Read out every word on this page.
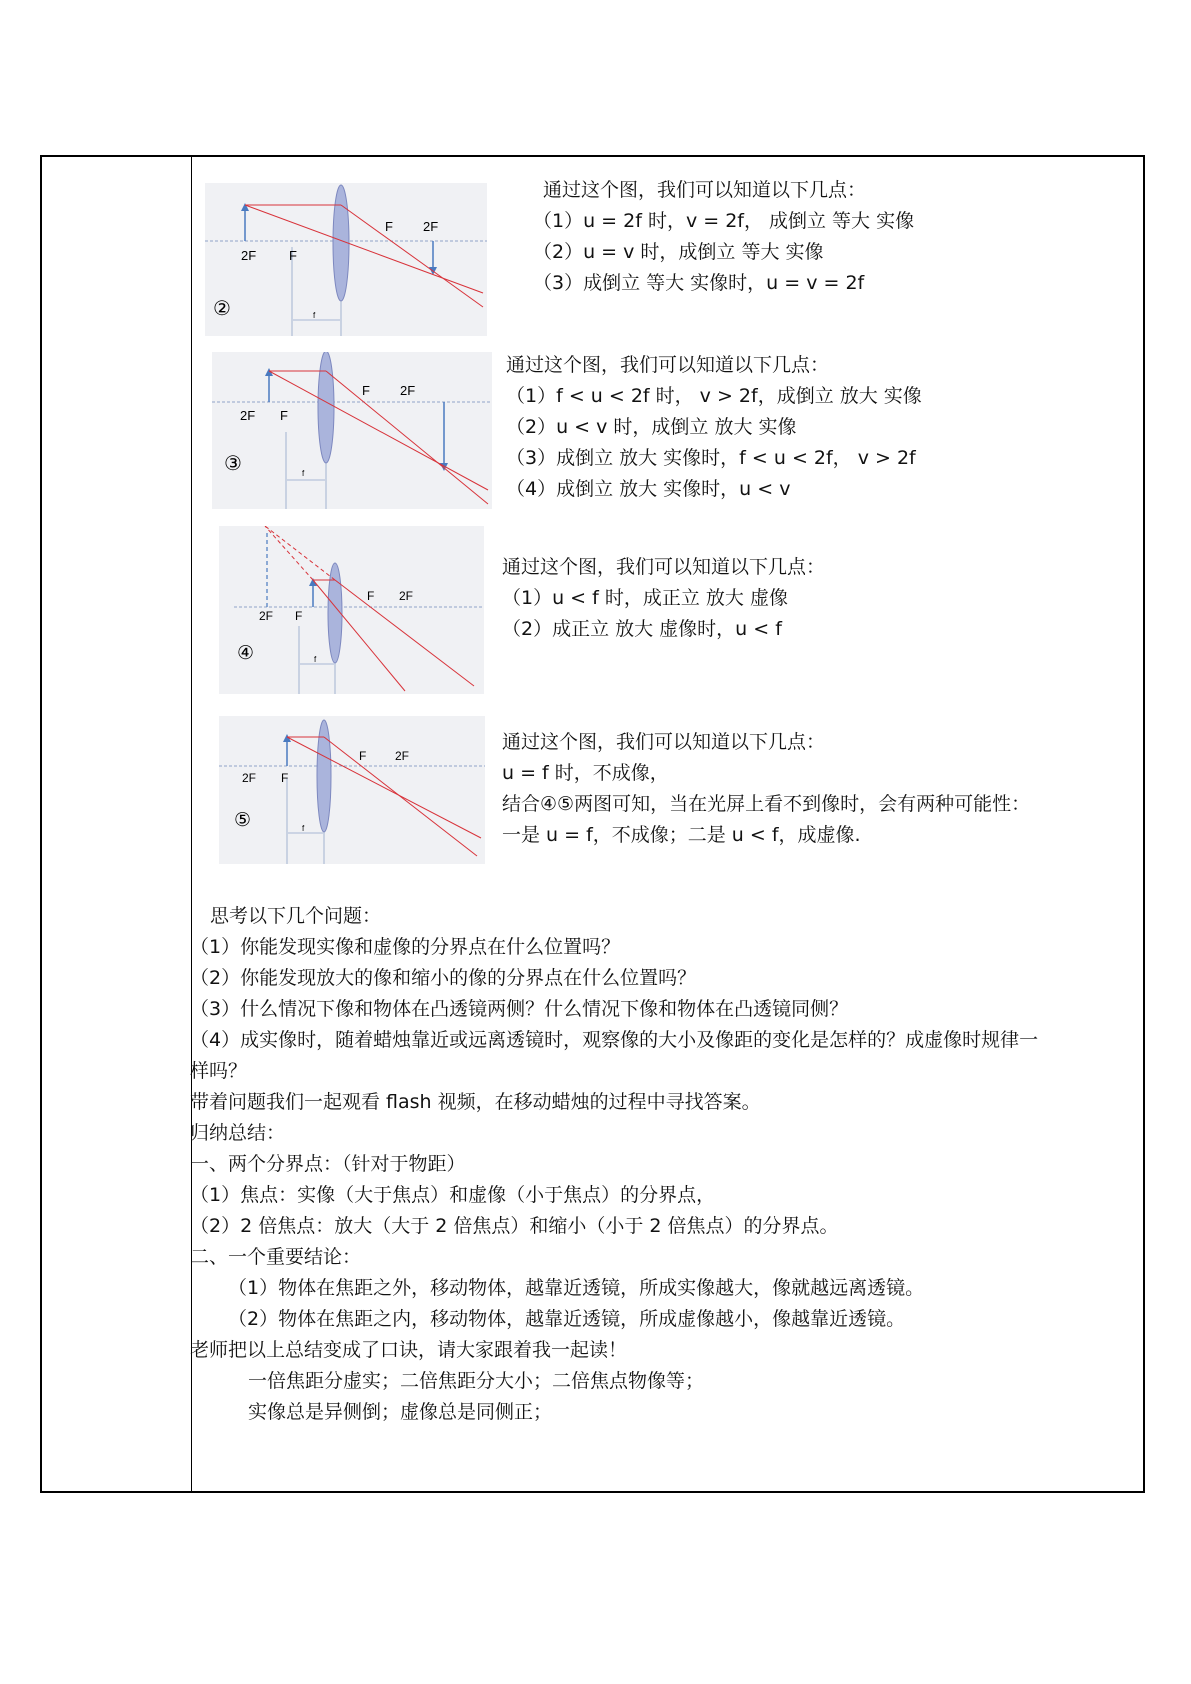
2F	F
F 2F
f
②
通过这个图，我们可以知道以下几点：
（1）u = 2f 时，v = 2f， 成倒立 等大 实像
（2）u = v 时，成倒立 等大 实像
（3）成倒立 等大 实像时，u = v = 2f
2F F
F 2F
f
③
通过这个图，我们可以知道以下几点：
（1）f < u < 2f 时， v > 2f，成倒立 放大 实像
（2）u < v 时，成倒立 放大 实像
（3）成倒立 放大 实像时，f < u < 2f， v > 2f
（4）成倒立 放大 实像时，u < v
2F F
F 2F
f
④
通过这个图，我们可以知道以下几点：
（1）u < f 时，成正立 放大 虚像
（2）成正立 放大 虚像时，u < f
2F F
F 2F
f
⑤
通过这个图，我们可以知道以下几点：
u = f 时，不成像，
结合④⑤两图可知，当在光屏上看不到像时，会有两种可能性：
一是 u = f，不成像；二是 u < f，成虚像.
思考以下几个问题：
（1）你能发现实像和虚像的分界点在什么位置吗？
（2）你能发现放大的像和缩小的像的分界点在什么位置吗？
（3）什么情况下像和物体在凸透镜两侧？什么情况下像和物体在凸透镜同侧？
（4）成实像时，随着蜡烛靠近或远离透镜时，观察像的大小及像距的变化是怎样的？成虚像时规律一
样吗？
带着问题我们一起观看 flash 视频，在移动蜡烛的过程中寻找答案。
归纳总结：
一、两个分界点：（针对于物距）
（1）焦点：实像（大于焦点）和虚像（小于焦点）的分界点，
（2）2 倍焦点：放大（大于 2 倍焦点）和缩小（小于 2 倍焦点）的分界点。
二、一个重要结论：
（1）物体在焦距之外，移动物体，越靠近透镜，所成实像越大，像就越远离透镜。
（2）物体在焦距之内，移动物体，越靠近透镜，所成虚像越小，像越靠近透镜。
老师把以上总结变成了口诀，请大家跟着我一起读！
一倍焦距分虚实；二倍焦距分大小；二倍焦点物像等；
实像总是异侧倒；虚像总是同侧正；
